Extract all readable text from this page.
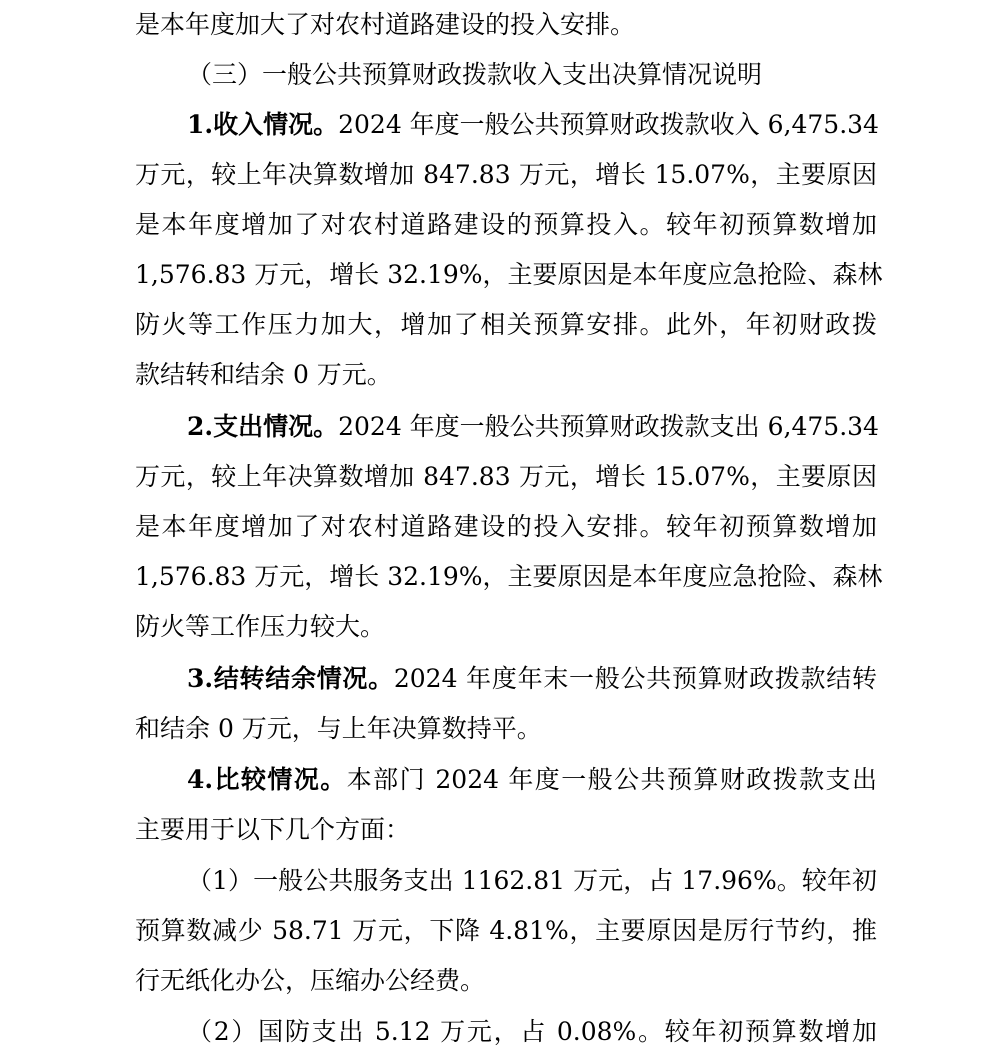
是本年度加大了对农村道路建设的投入安排。
（三）一般公共预算财政拨款收入支出决算情况说明
1.收入情况。2024 年度一般公共预算财政拨款收入 6,475.34
万元，较上年决算数增加 847.83 万元，增长 15.07%，主要原因
是本年度增加了对农村道路建设的预算投入。较年初预算数增加
1,576.83 万元，增长 32.19%，主要原因是本年度应急抢险、森林
防火等工作压力加大，增加了相关预算安排。此外，年初财政拨
款结转和结余 0 万元。
2.支出情况。2024 年度一般公共预算财政拨款支出 6,475.34
万元，较上年决算数增加 847.83 万元，增长 15.07%，主要原因
是本年度增加了对农村道路建设的投入安排。较年初预算数增加
1,576.83 万元，增长 32.19%，主要原因是本年度应急抢险、森林
防火等工作压力较大。
3.结转结余情况。2024 年度年末一般公共预算财政拨款结转
和结余 0 万元，与上年决算数持平。
4.比较情况。本部门 2024 年度一般公共预算财政拨款支出
主要用于以下几个方面：
（1）一般公共服务支出 1162.81 万元，占 17.96%。较年初
预算数减少 58.71 万元，下降 4.81%，主要原因是厉行节约，推
行无纸化办公，压缩办公经费。
（2）国防支出 5.12 万元，占 0.08%。较年初预算数增加
